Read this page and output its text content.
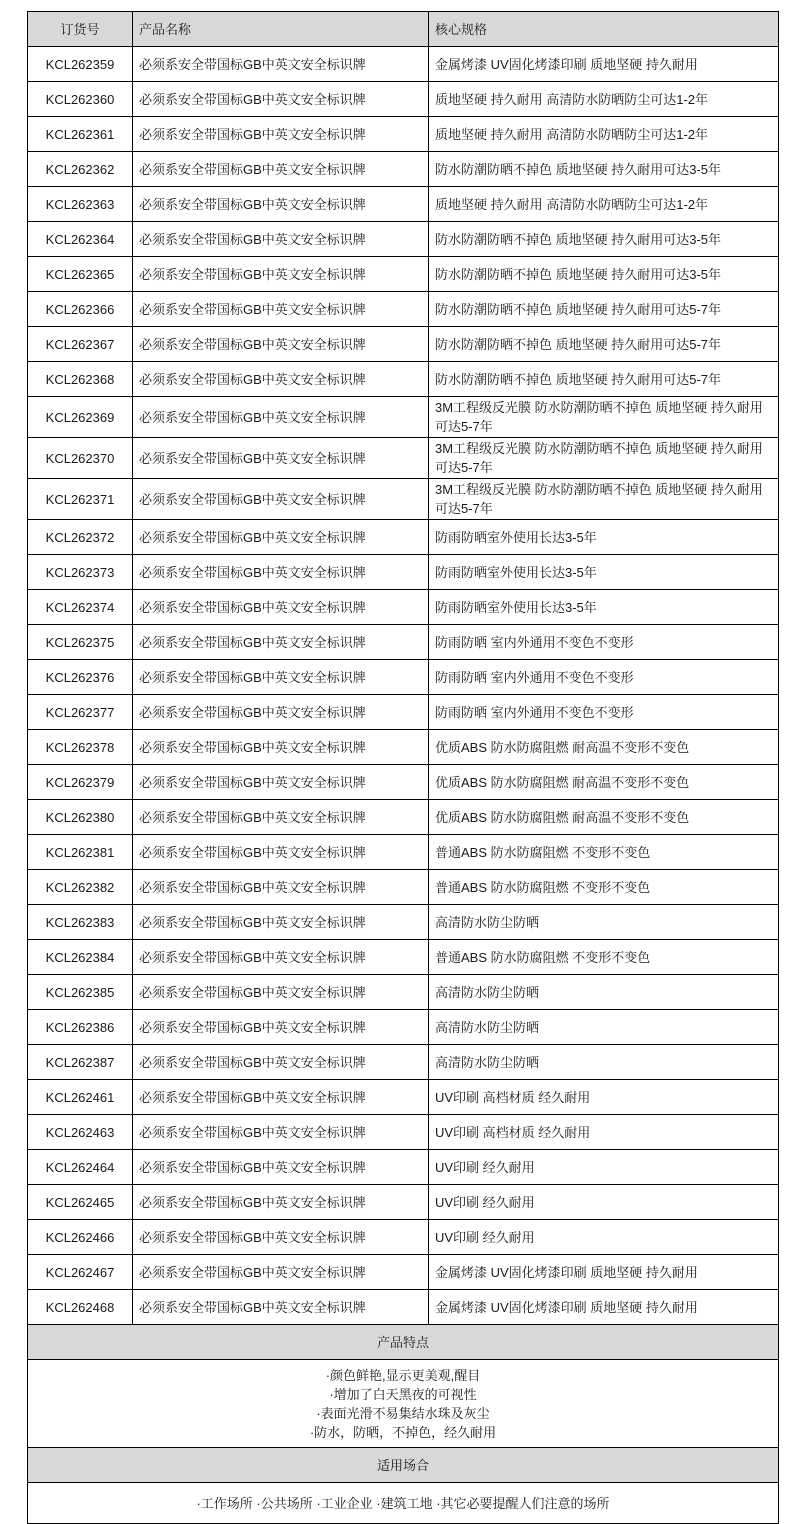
订货号	产品名称	核心规格
KCL262359	必须系安全带国标GB中英文安全标识牌	金属烤漆 UV固化烤漆印刷 质地坚硬 持久耐用
KCL262360	必须系安全带国标GB中英文安全标识牌	质地坚硬 持久耐用 高清防水防晒防尘可达1-2年
KCL262361	必须系安全带国标GB中英文安全标识牌	质地坚硬 持久耐用 高清防水防晒防尘可达1-2年
KCL262362	必须系安全带国标GB中英文安全标识牌	防水防潮防晒不掉色 质地坚硬 持久耐用可达3-5年
KCL262363	必须系安全带国标GB中英文安全标识牌	质地坚硬 持久耐用 高清防水防晒防尘可达1-2年
KCL262364	必须系安全带国标GB中英文安全标识牌	防水防潮防晒不掉色 质地坚硬 持久耐用可达3-5年
KCL262365	必须系安全带国标GB中英文安全标识牌	防水防潮防晒不掉色 质地坚硬 持久耐用可达3-5年
KCL262366	必须系安全带国标GB中英文安全标识牌	防水防潮防晒不掉色 质地坚硬 持久耐用可达5-7年
KCL262367	必须系安全带国标GB中英文安全标识牌	防水防潮防晒不掉色 质地坚硬 持久耐用可达5-7年
KCL262368	必须系安全带国标GB中英文安全标识牌	防水防潮防晒不掉色 质地坚硬 持久耐用可达5-7年
KCL262369	必须系安全带国标GB中英文安全标识牌	3M工程级反光膜 防水防潮防晒不掉色 质地坚硬 持久耐用可达5-7年
KCL262370	必须系安全带国标GB中英文安全标识牌	3M工程级反光膜 防水防潮防晒不掉色 质地坚硬 持久耐用可达5-7年
KCL262371	必须系安全带国标GB中英文安全标识牌	3M工程级反光膜 防水防潮防晒不掉色 质地坚硬 持久耐用可达5-7年
KCL262372	必须系安全带国标GB中英文安全标识牌	防雨防晒室外使用长达3-5年
KCL262373	必须系安全带国标GB中英文安全标识牌	防雨防晒室外使用长达3-5年
KCL262374	必须系安全带国标GB中英文安全标识牌	防雨防晒室外使用长达3-5年
KCL262375	必须系安全带国标GB中英文安全标识牌	防雨防晒 室内外通用不变色不变形
KCL262376	必须系安全带国标GB中英文安全标识牌	防雨防晒 室内外通用不变色不变形
KCL262377	必须系安全带国标GB中英文安全标识牌	防雨防晒 室内外通用不变色不变形
KCL262378	必须系安全带国标GB中英文安全标识牌	优质ABS 防水防腐阻燃 耐高温不变形不变色
KCL262379	必须系安全带国标GB中英文安全标识牌	优质ABS 防水防腐阻燃 耐高温不变形不变色
KCL262380	必须系安全带国标GB中英文安全标识牌	优质ABS 防水防腐阻燃 耐高温不变形不变色
KCL262381	必须系安全带国标GB中英文安全标识牌	普通ABS 防水防腐阻燃 不变形不变色
KCL262382	必须系安全带国标GB中英文安全标识牌	普通ABS 防水防腐阻燃 不变形不变色
KCL262383	必须系安全带国标GB中英文安全标识牌	高清防水防尘防晒
KCL262384	必须系安全带国标GB中英文安全标识牌	普通ABS 防水防腐阻燃 不变形不变色
KCL262385	必须系安全带国标GB中英文安全标识牌	高清防水防尘防晒
KCL262386	必须系安全带国标GB中英文安全标识牌	高清防水防尘防晒
KCL262387	必须系安全带国标GB中英文安全标识牌	高清防水防尘防晒
KCL262461	必须系安全带国标GB中英文安全标识牌	UV印刷 高档材质 经久耐用
KCL262463	必须系安全带国标GB中英文安全标识牌	UV印刷 高档材质 经久耐用
KCL262464	必须系安全带国标GB中英文安全标识牌	UV印刷 经久耐用
KCL262465	必须系安全带国标GB中英文安全标识牌	UV印刷 经久耐用
KCL262466	必须系安全带国标GB中英文安全标识牌	UV印刷 经久耐用
KCL262467	必须系安全带国标GB中英文安全标识牌	金属烤漆 UV固化烤漆印刷 质地坚硬 持久耐用
KCL262468	必须系安全带国标GB中英文安全标识牌	金属烤漆 UV固化烤漆印刷 质地坚硬 持久耐用
产品特点		

·颜色鲜艳,显示更美观,醒目
·增加了白天黑夜的可视性
·表面光滑不易集结水珠及灰尘
·防水，防晒，不掉色，经久耐用		

适用场合		
·工作场所 ·公共场所 ·工业企业 ·建筑工地 ·其它必要提醒人们注意的场所		
